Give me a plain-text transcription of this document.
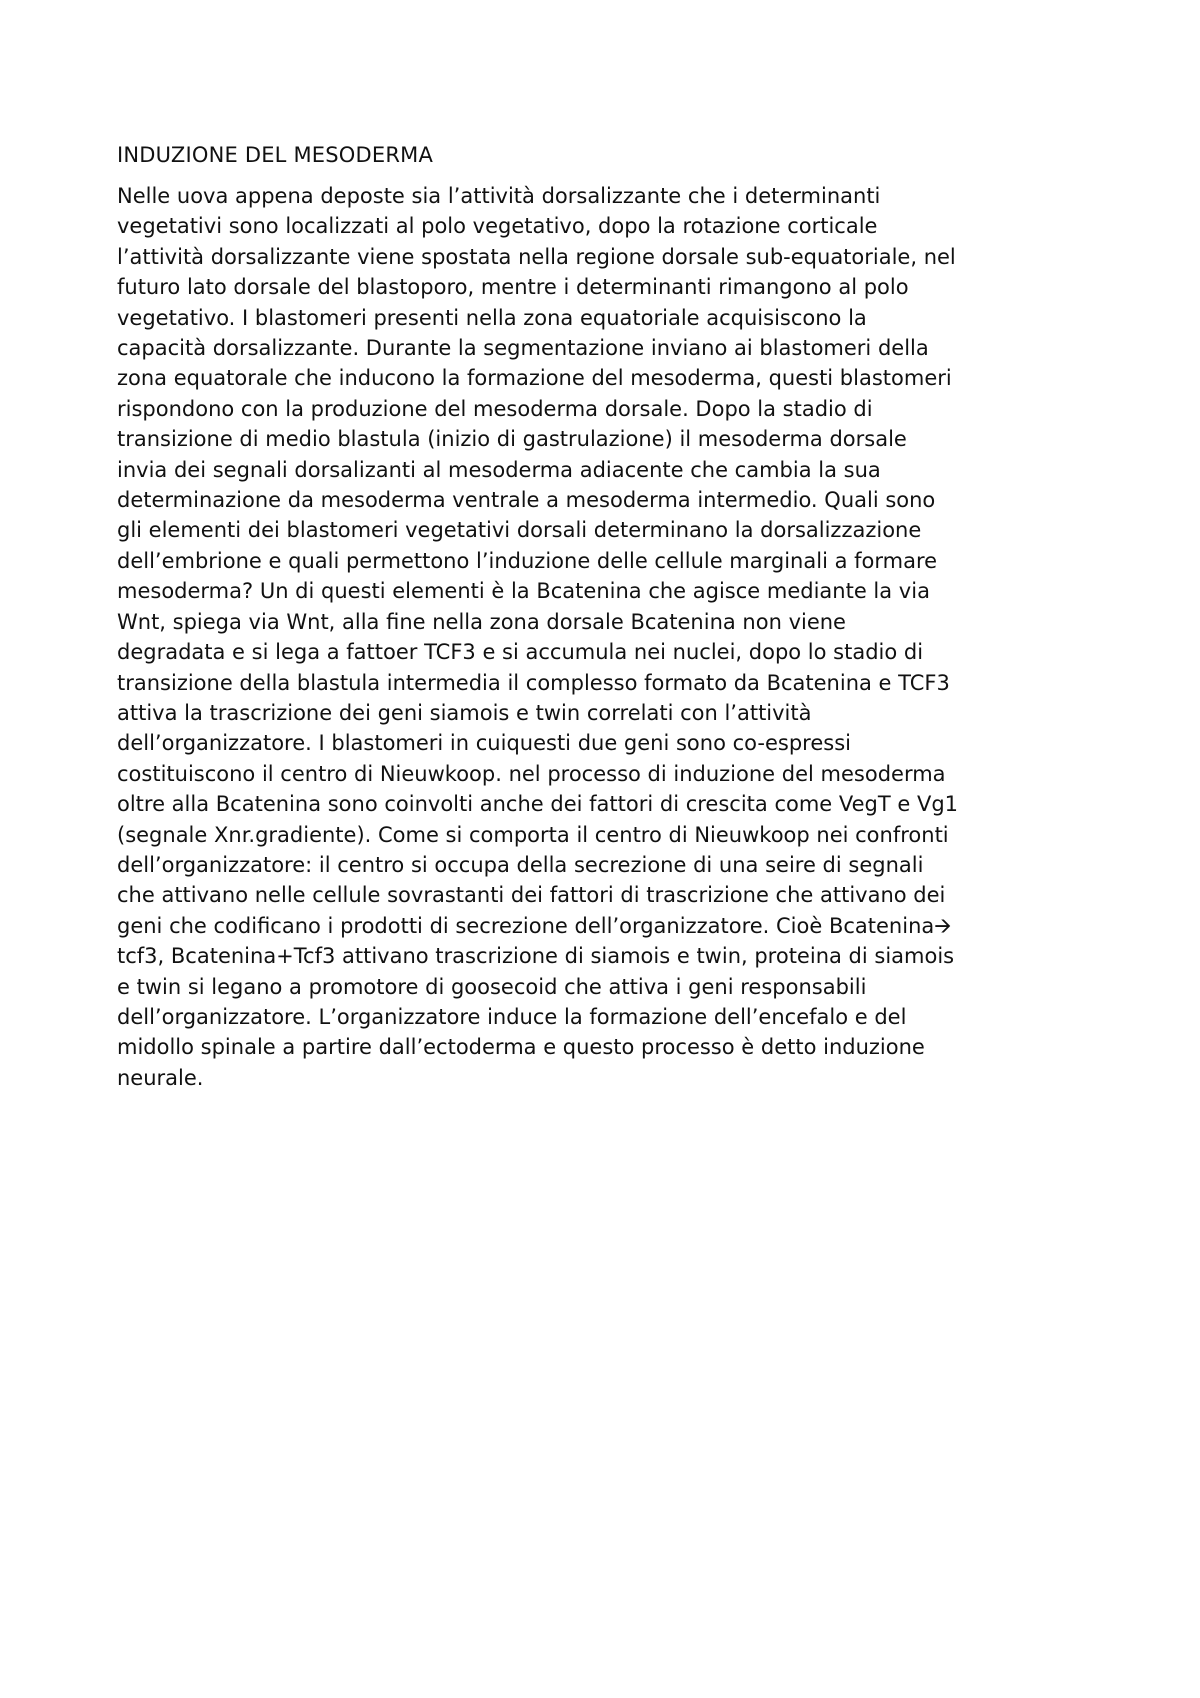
INDUZIONE DEL MESODERMA
Nelle uova appena deposte sia l’attività dorsalizzante che i determinanti
vegetativi sono localizzati al polo vegetativo, dopo la rotazione corticale
l’attività dorsalizzante viene spostata nella regione dorsale sub-equatoriale, nel
futuro lato dorsale del blastoporo, mentre i determinanti rimangono al polo
vegetativo. I blastomeri presenti nella zona equatoriale acquisiscono la
capacità dorsalizzante. Durante la segmentazione inviano ai blastomeri della
zona equatorale che inducono la formazione del mesoderma, questi blastomeri
rispondono con la produzione del mesoderma dorsale. Dopo la stadio di
transizione di medio blastula (inizio di gastrulazione) il mesoderma dorsale
invia dei segnali dorsalizanti al mesoderma adiacente che cambia la sua
determinazione da mesoderma ventrale a mesoderma intermedio. Quali sono
gli elementi dei blastomeri vegetativi dorsali determinano la dorsalizzazione
dell’embrione e quali permettono l’induzione delle cellule marginali a formare
mesoderma? Un di questi elementi è la Bcatenina che agisce mediante la via
Wnt, spiega via Wnt, alla fine nella zona dorsale Bcatenina non viene
degradata e si lega a fattoer TCF3 e si accumula nei nuclei, dopo lo stadio di
transizione della blastula intermedia il complesso formato da Bcatenina e TCF3
attiva la trascrizione dei geni siamois e twin correlati con l’attività
dell’organizzatore. I blastomeri in cuiquesti due geni sono co-espressi
costituiscono il centro di Nieuwkoop. nel processo di induzione del mesoderma
oltre alla Bcatenina sono coinvolti anche dei fattori di crescita come VegT e Vg1
(segnale Xnr.gradiente). Come si comporta il centro di Nieuwkoop nei confronti
dell’organizzatore: il centro si occupa della secrezione di una seire di segnali
che attivano nelle cellule sovrastanti dei fattori di trascrizione che attivano dei
geni che codificano i prodotti di secrezione dell’organizzatore. Cioè Bcatenina🡪
tcf3, Bcatenina+Tcf3 attivano trascrizione di siamois e twin, proteina di siamois
e twin si legano a promotore di goosecoid che attiva i geni responsabili
dell’organizzatore. L’organizzatore induce la formazione dell’encefalo e del
midollo spinale a partire dall’ectoderma e questo processo è detto induzione
neurale.
